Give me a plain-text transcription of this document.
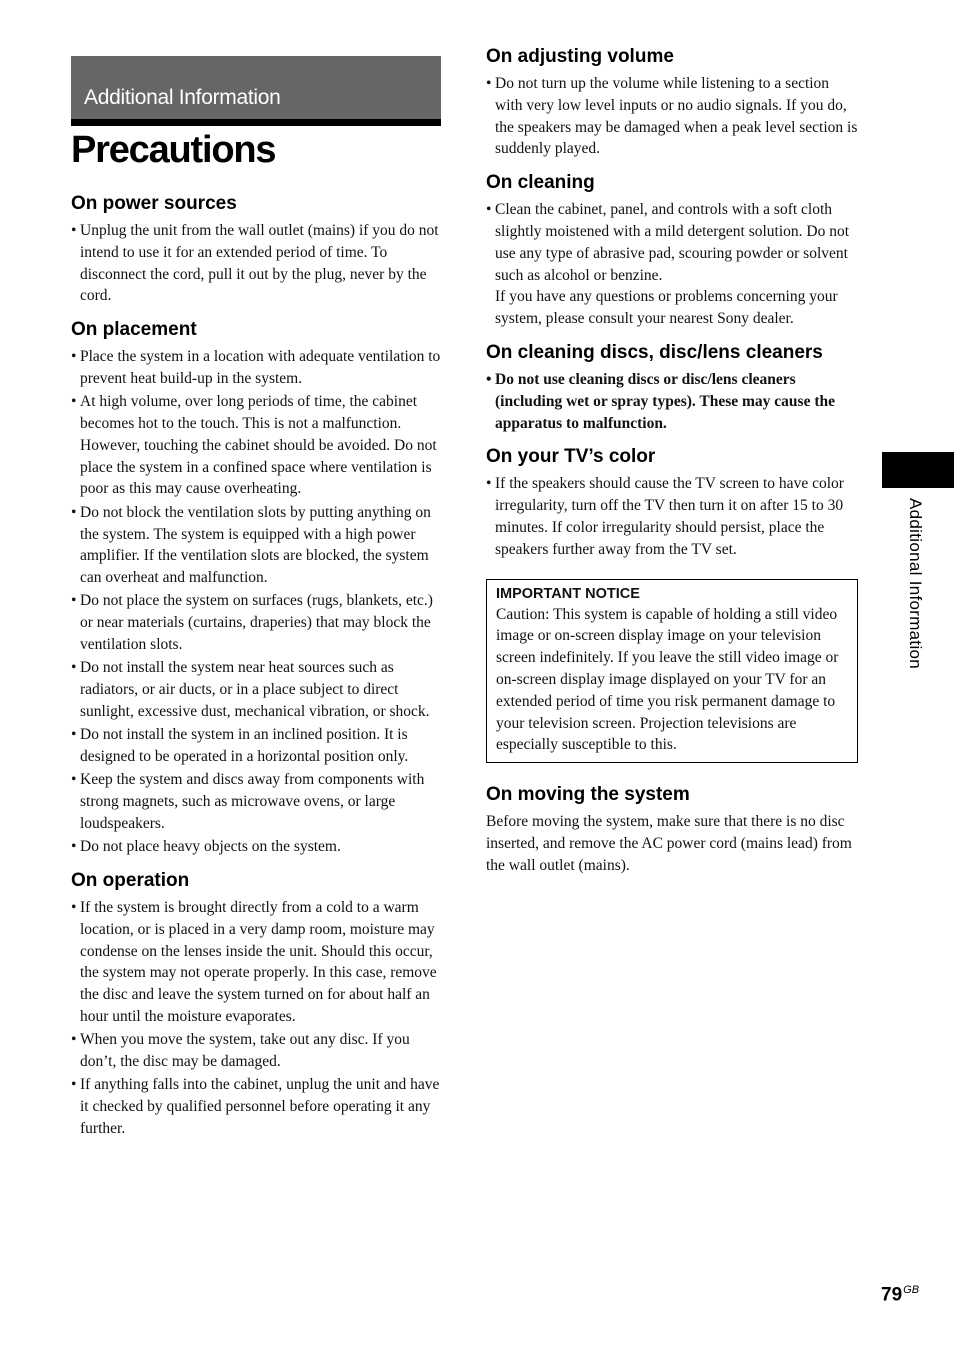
Additional Information
Precautions
On power sources
• Unplug the unit from the wall outlet (mains) if you do not intend to use it for an extended period of time. To disconnect the cord, pull it out by the plug, never by the cord.
On placement
• Place the system in a location with adequate ventilation to prevent heat build-up in the system.
• At high volume, over long periods of time, the cabinet becomes hot to the touch. This is not a malfunction. However, touching the cabinet should be avoided. Do not place the system in a confined space where ventilation is poor as this may cause overheating.
• Do not block the ventilation slots by putting anything on the system. The system is equipped with a high power amplifier. If the ventilation slots are blocked, the system can overheat and malfunction.
• Do not place the system on surfaces (rugs, blankets, etc.) or near materials (curtains, draperies) that may block the ventilation slots.
• Do not install the system near heat sources such as radiators, or air ducts, or in a place subject to direct sunlight, excessive dust, mechanical vibration, or shock.
• Do not install the system in an inclined position. It is designed to be operated in a horizontal position only.
• Keep the system and discs away from components with strong magnets, such as microwave ovens, or large loudspeakers.
• Do not place heavy objects on the system.
On operation
• If the system is brought directly from a cold to a warm location, or is placed in a very damp room, moisture may condense on the lenses inside the unit. Should this occur, the system may not operate properly. In this case, remove the disc and leave the system turned on for about half an hour until the moisture evaporates.
• When you move the system, take out any disc. If you don’t, the disc may be damaged.
• If anything falls into the cabinet, unplug the unit and have it checked by qualified personnel before operating it any further.
On adjusting volume
• Do not turn up the volume while listening to a section with very low level inputs or no audio signals. If you do, the speakers may be damaged when a peak level section is suddenly played.
On cleaning
• Clean the cabinet, panel, and controls with a soft cloth slightly moistened with a mild detergent solution. Do not use any type of abrasive pad, scouring powder or solvent such as alcohol or benzine.
If you have any questions or problems concerning your system, please consult your nearest Sony dealer.
On cleaning discs, disc/lens cleaners
• Do not use cleaning discs or disc/lens cleaners (including wet or spray types). These may cause the apparatus to malfunction.
On your TV’s color
• If the speakers should cause the TV screen to have color irregularity, turn off the TV then turn it on after 15 to 30 minutes. If color irregularity should persist, place the speakers further away from the TV set.
IMPORTANT NOTICE
Caution: This system is capable of holding a still video image or on-screen display image on your television screen indefinitely. If you leave the still video image or on-screen display image displayed on your TV for an extended period of time you risk permanent damage to your television screen. Projection televisions are especially susceptible to this.
On moving the system

Before moving the system, make sure that there is no disc inserted, and remove the AC power cord (mains lead) from the wall outlet (mains).

Additional Information
$79^{GB}$
